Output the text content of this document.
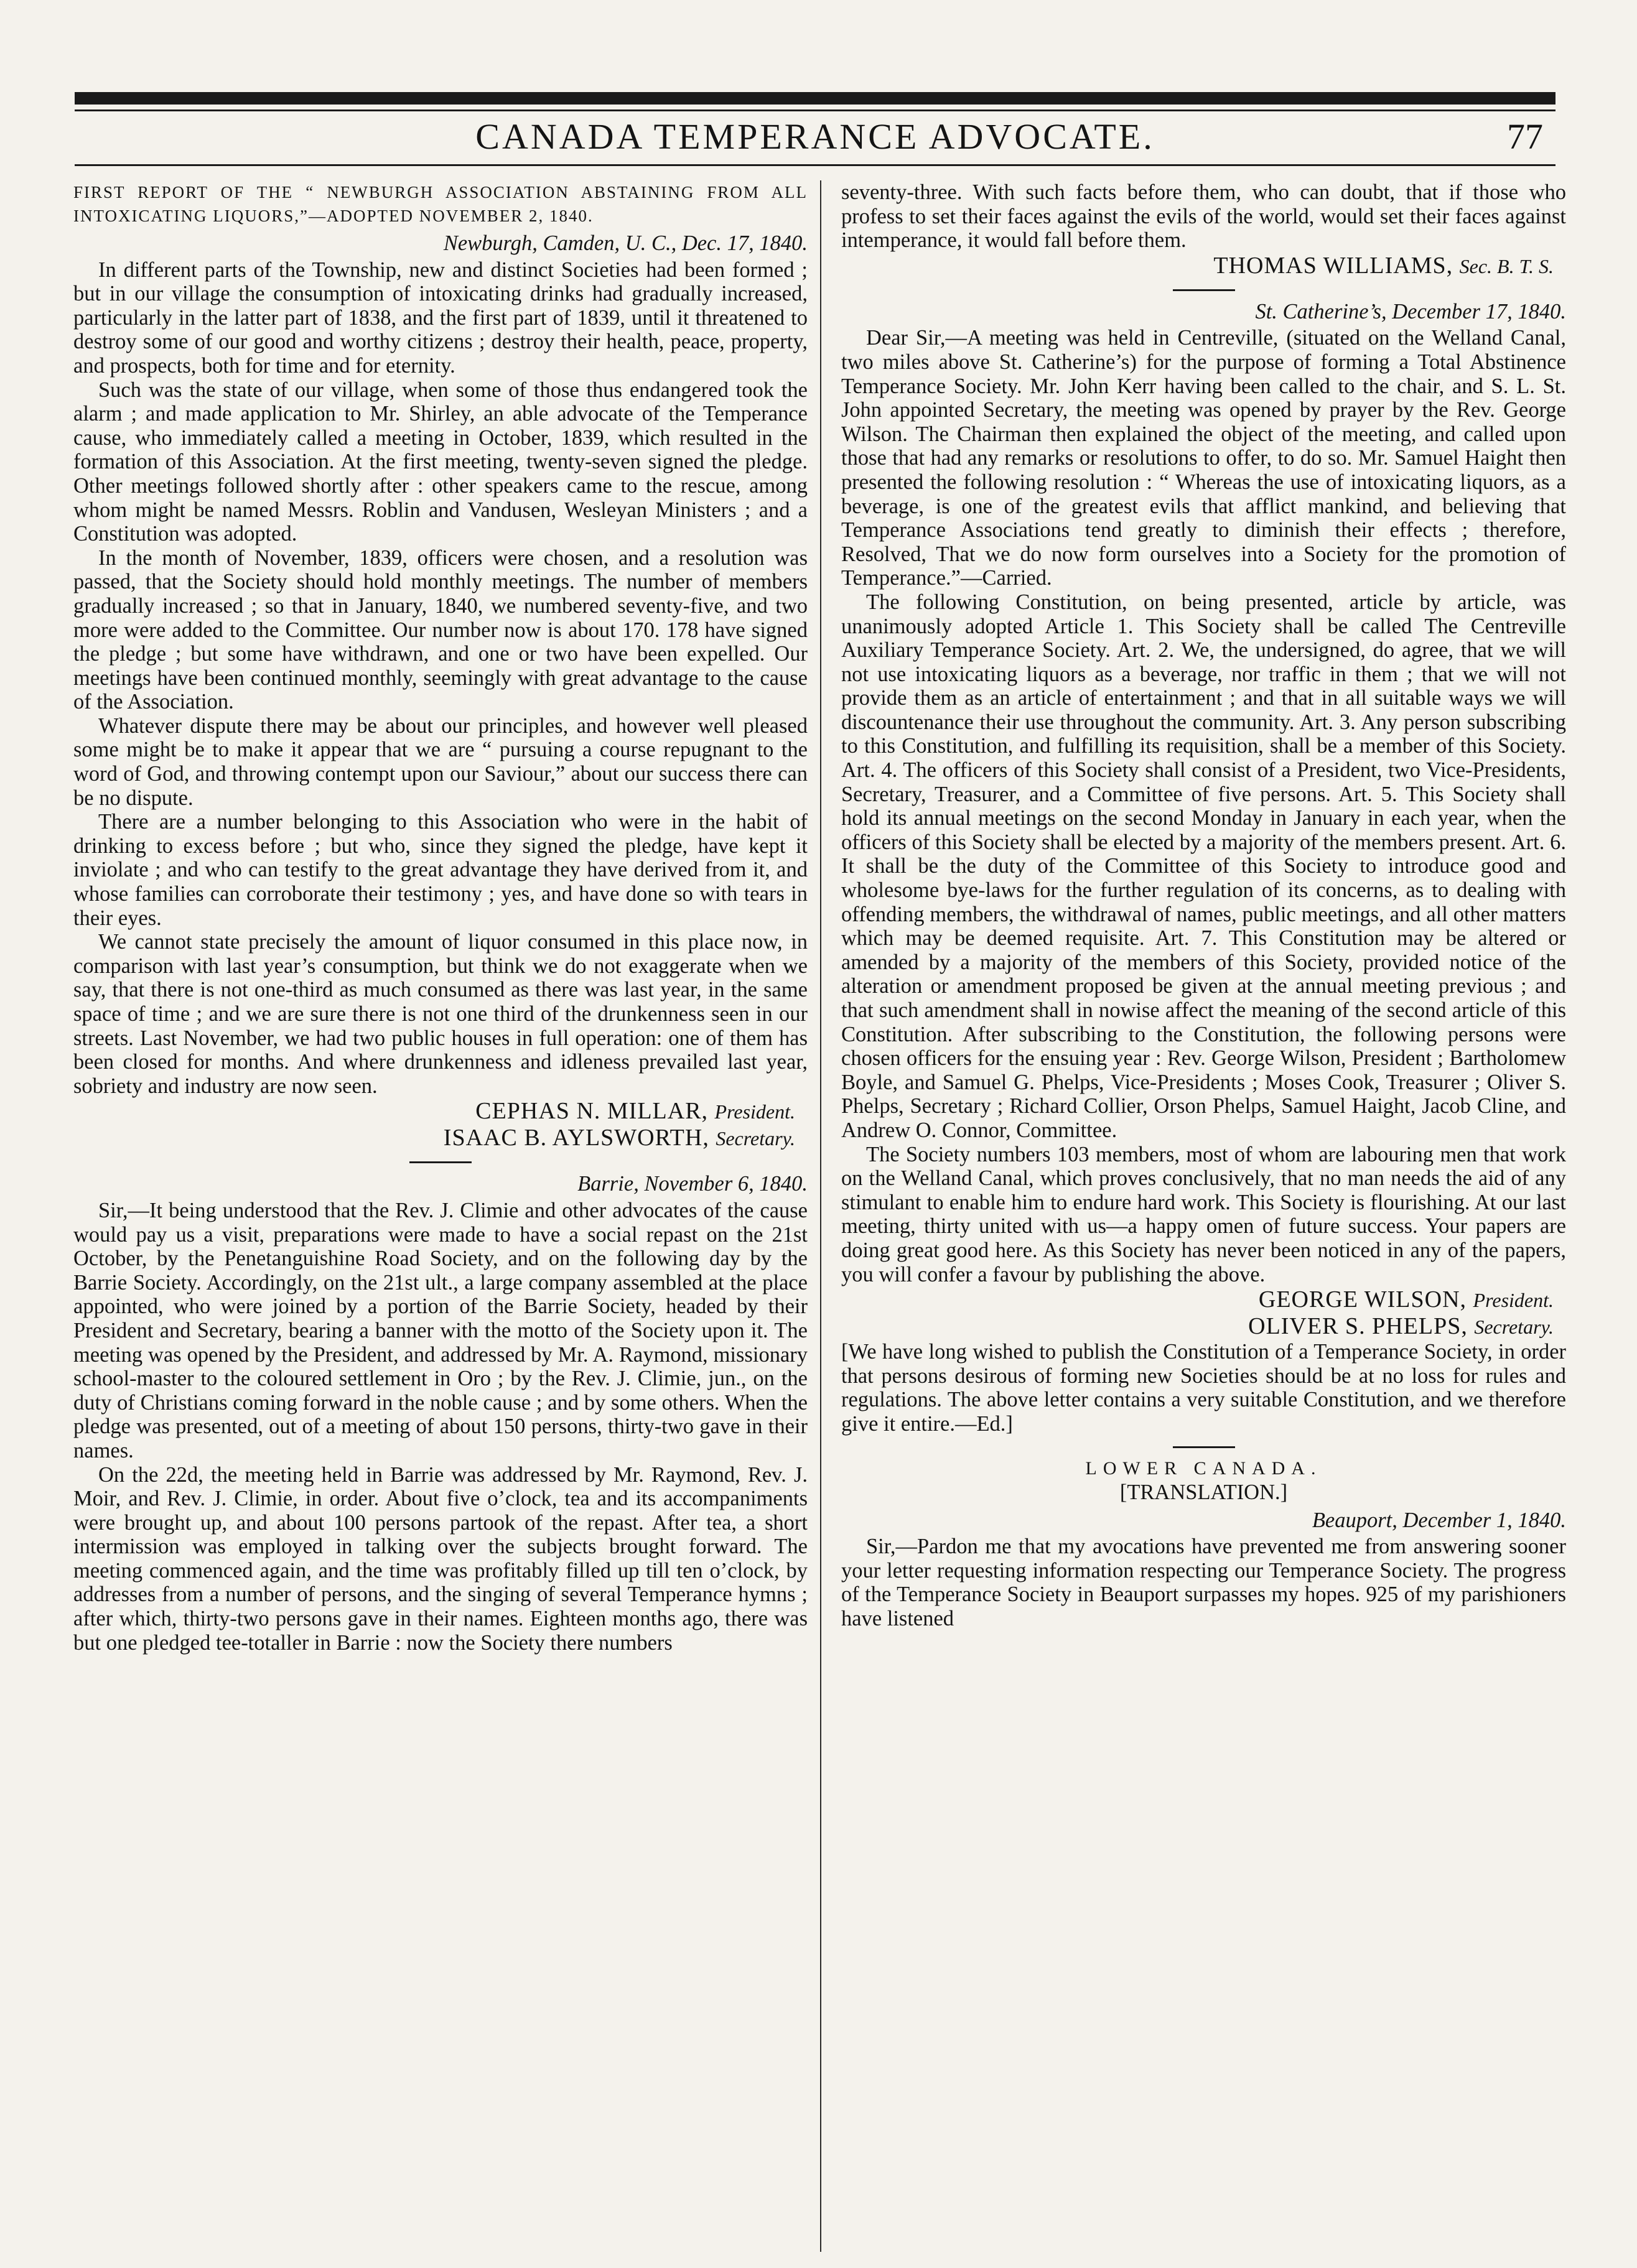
CANADA TEMPERANCE ADVOCATE.	77

FIRST REPORT OF THE “ NEWBURGH ASSOCIATION ABSTAINING FROM ALL INTOXICATING LIQUORS,”—ADOPTED NOVEMBER 2, 1840.

Newburgh, Camden, U. C., Dec. 17, 1840.

In different parts of the Township, new and distinct Societies had been formed ; but in our village the consumption of intoxicating drinks had gradually increased, particularly in the latter part of 1838, and the first part of 1839, until it threatened to destroy some of our good and worthy citizens ; destroy their health, peace, property, and prospects, both for time and for eternity.

Such was the state of our village, when some of those thus endangered took the alarm ; and made application to Mr. Shirley, an able advocate of the Temperance cause, who immediately called a meeting in October, 1839, which resulted in the formation of this Association. At the first meeting, twenty-seven signed the pledge. Other meetings followed shortly after : other speakers came to the rescue, among whom might be named Messrs. Roblin and Vandusen, Wesleyan Ministers ; and a Constitution was adopted.

In the month of November, 1839, officers were chosen, and a resolution was passed, that the Society should hold monthly meetings. The number of members gradually increased ; so that in January, 1840, we numbered seventy-five, and two more were added to the Committee. Our number now is about 170. 178 have signed the pledge ; but some have withdrawn, and one or two have been expelled. Our meetings have been continued monthly, seemingly with great advantage to the cause of the Association.

Whatever dispute there may be about our principles, and however well pleased some might be to make it appear that we are “ pursuing a course repugnant to the word of God, and throwing contempt upon our Saviour,” about our success there can be no dispute.

There are a number belonging to this Association who were in the habit of drinking to excess before ; but who, since they signed the pledge, have kept it inviolate ; and who can testify to the great advantage they have derived from it, and whose families can corroborate their testimony ; yes, and have done so with tears in their eyes.

We cannot state precisely the amount of liquor consumed in this place now, in comparison with last year’s consumption, but think we do not exaggerate when we say, that there is not one-third as much consumed as there was last year, in the same space of time ; and we are sure there is not one third of the drunkenness seen in our streets. Last November, we had two public houses in full operation: one of them has been closed for months. And where drunkenness and idleness prevailed last year, sobriety and industry are now seen.

CEPHAS N. MILLAR, President.
ISAAC B. AYLSWORTH, Secretary.
Barrie, November 6, 1840.

Sir,—It being understood that the Rev. J. Climie and other advocates of the cause would pay us a visit, preparations were made to have a social repast on the 21st October, by the Penetanguishine Road Society, and on the following day by the Barrie Society. Accordingly, on the 21st ult., a large company assembled at the place appointed, who were joined by a portion of the Barrie Society, headed by their President and Secretary, bearing a banner with the motto of the Society upon it. The meeting was opened by the President, and addressed by Mr. A. Raymond, missionary school-master to the coloured settlement in Oro ; by the Rev. J. Climie, jun., on the duty of Christians coming forward in the noble cause ; and by some others. When the pledge was presented, out of a meeting of about 150 persons, thirty-two gave in their names.

On the 22d, the meeting held in Barrie was addressed by Mr. Raymond, Rev. J. Moir, and Rev. J. Climie, in order. About five o’clock, tea and its accompaniments were brought up, and about 100 persons partook of the repast. After tea, a short intermission was employed in talking over the subjects brought forward. The meeting commenced again, and the time was profitably filled up till ten o’clock, by addresses from a number of persons, and the singing of several Temperance hymns ; after which, thirty-two persons gave in their names. Eighteen months ago, there was but one pledged tee-totaller in Barrie : now the Society there numbers

seventy-three. With such facts before them, who can doubt, that if those who profess to set their faces against the evils of the world, would set their faces against intemperance, it would fall before them.

THOMAS WILLIAMS, Sec. B. T. S.
St. Catherine’s, December 17, 1840.

Dear Sir,—A meeting was held in Centreville, (situated on the Welland Canal, two miles above St. Catherine’s) for the purpose of forming a Total Abstinence Temperance Society. Mr. John Kerr having been called to the chair, and S. L. St. John appointed Secretary, the meeting was opened by prayer by the Rev. George Wilson. The Chairman then explained the object of the meeting, and called upon those that had any remarks or resolutions to offer, to do so. Mr. Samuel Haight then presented the following resolution : “ Whereas the use of intoxicating liquors, as a beverage, is one of the greatest evils that afflict mankind, and believing that Temperance Associations tend greatly to diminish their effects ; therefore, Resolved, That we do now form ourselves into a Society for the promotion of Temperance.”—Carried.

The following Constitution, on being presented, article by article, was unanimously adopted Article 1. This Society shall be called The Centreville Auxiliary Temperance Society. Art. 2. We, the undersigned, do agree, that we will not use intoxicating liquors as a beverage, nor traffic in them ; that we will not provide them as an article of entertainment ; and that in all suitable ways we will discountenance their use throughout the community. Art. 3. Any person subscribing to this Constitution, and fulfilling its requisition, shall be a member of this Society. Art. 4. The officers of this Society shall consist of a President, two Vice-Presidents, Secretary, Treasurer, and a Committee of five persons. Art. 5. This Society shall hold its annual meetings on the second Monday in January in each year, when the officers of this Society shall be elected by a majority of the members present. Art. 6. It shall be the duty of the Committee of this Society to introduce good and wholesome bye-laws for the further regulation of its concerns, as to dealing with offending members, the withdrawal of names, public meetings, and all other matters which may be deemed requisite. Art. 7. This Constitution may be altered or amended by a majority of the members of this Society, provided notice of the alteration or amendment proposed be given at the annual meeting previous ; and that such amendment shall in nowise affect the meaning of the second article of this Constitution. After subscribing to the Constitution, the following persons were chosen officers for the ensuing year : Rev. George Wilson, President ; Bartholomew Boyle, and Samuel G. Phelps, Vice-Presidents ; Moses Cook, Treasurer ; Oliver S. Phelps, Secretary ; Richard Collier, Orson Phelps, Samuel Haight, Jacob Cline, and Andrew O. Connor, Committee.

The Society numbers 103 members, most of whom are labouring men that work on the Welland Canal, which proves conclusively, that no man needs the aid of any stimulant to enable him to endure hard work. This Society is flourishing. At our last meeting, thirty united with us—a happy omen of future success. Your papers are doing great good here. As this Society has never been noticed in any of the papers, you will confer a favour by publishing the above.

GEORGE WILSON, President.
OLIVER S. PHELPS, Secretary.

[We have long wished to publish the Constitution of a Temperance Society, in order that persons desirous of forming new Societies should be at no loss for rules and regulations. The above letter contains a very suitable Constitution, and we therefore give it entire.—Ed.]

LOWER CANADA.

[TRANSLATION.]

Beauport, December 1, 1840.

Sir,—Pardon me that my avocations have prevented me from answering sooner your letter requesting information respecting our Temperance Society. The progress of the Temperance Society in Beauport surpasses my hopes. 925 of my parishioners have listened
